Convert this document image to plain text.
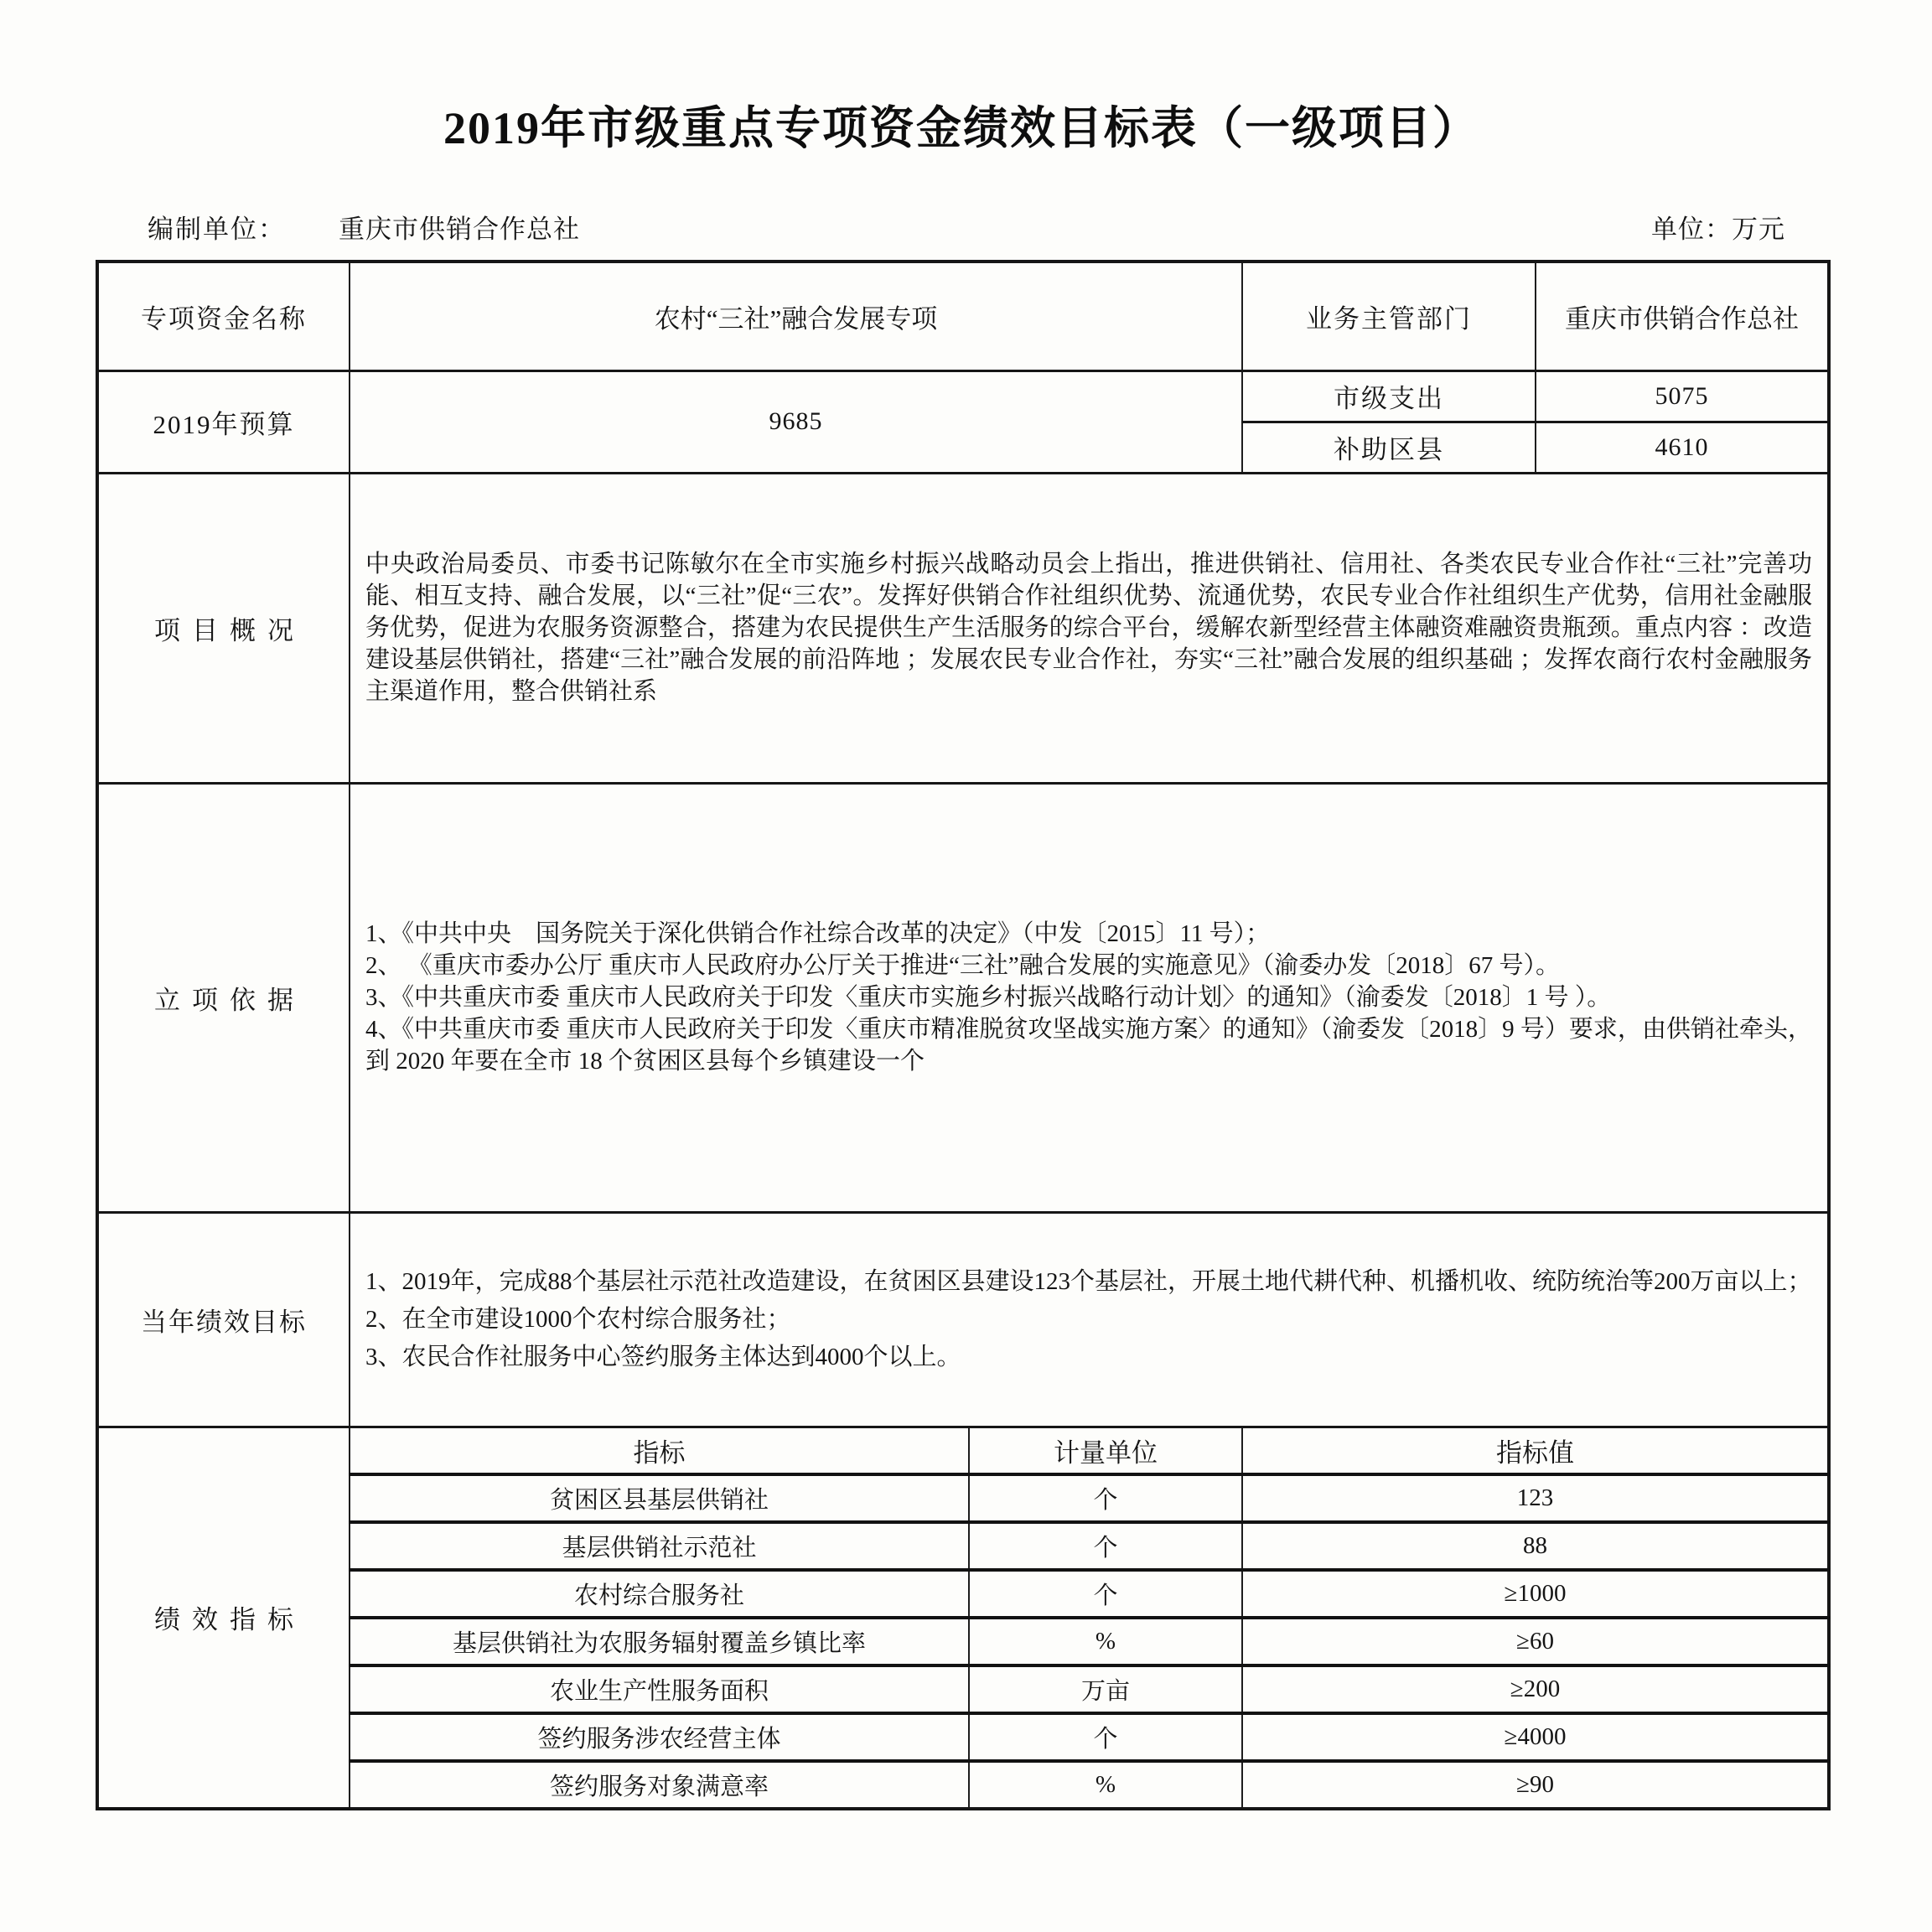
2019年市级重点专项资金绩效目标表（一级项目）
编制单位： 重庆市供销合作总社	单位：万元
专项资金名称	农村“三社”融合发展专项		业务主管部门	重庆市供销合作总社
2019年预算	9685		市级支出	5075
			补助区县	4610
项目概况	中央政治局委员、市委书记陈敏尔在全市实施乡村振兴战略动员会上指出，推进供销社、信用社、各类农民专业合作社“三社”完善功能、相互支持、融合发展，以“三社”促“三农”。发挥好供销合作社组织优势、流通优势，农民专业合作社组织生产优势，信用社金融服务优势，促进为农服务资源整合，搭建为农民提供生产生活服务的综合平台，缓解农新型经营主体融资难融资贵瓶颈。重点内容 ：改造建设基层供销社，搭建“三社”融合发展的前沿阵地 ；发展农民专业合作社，夯实“三社”融合发展的组织基础 ；发挥农商行农村金融服务主渠道作用，整合供销社系			
立项依据	1、《中共中央　国务院关于深化供销合作社综合改革的决定》（中发〔2015〕11 号）；
2、 《重庆市委办公厅 重庆市人民政府办公厅关于推进“三社”融合发展的实施意见》（渝委办发〔2018〕67 号）。
3、《中共重庆市委 重庆市人民政府关于印发〈重庆市实施乡村振兴战略行动计划〉的通知》（渝委发〔2018〕1 号 ）。
4、《中共重庆市委 重庆市人民政府关于印发〈重庆市精准脱贫攻坚战实施方案〉的通知》（渝委发〔2018〕9 号）要求，由供销社牵头，到 2020 年要在全市 18 个贫困区县每个乡镇建设一个			

当年绩效目标	1、2019年，完成88个基层社示范社改造建设，在贫困区县建设123个基层社，开展土地代耕代种、机播机收、统防统治等200万亩以上；
2、在全市建设1000个农村综合服务社；
3、农民合作社服务中心签约服务主体达到4000个以上。			

绩效指标	指标	计量单位	指标值	
	贫困区县基层供销社	个	123	
	基层供销社示范社	个	88	
	农村综合服务社	个	≥1000	
	基层供销社为农服务辐射覆盖乡镇比率	%	≥60	
	农业生产性服务面积	万亩	≥200	
	签约服务涉农经营主体	个	≥4000	
	签约服务对象满意率	%	≥90	
